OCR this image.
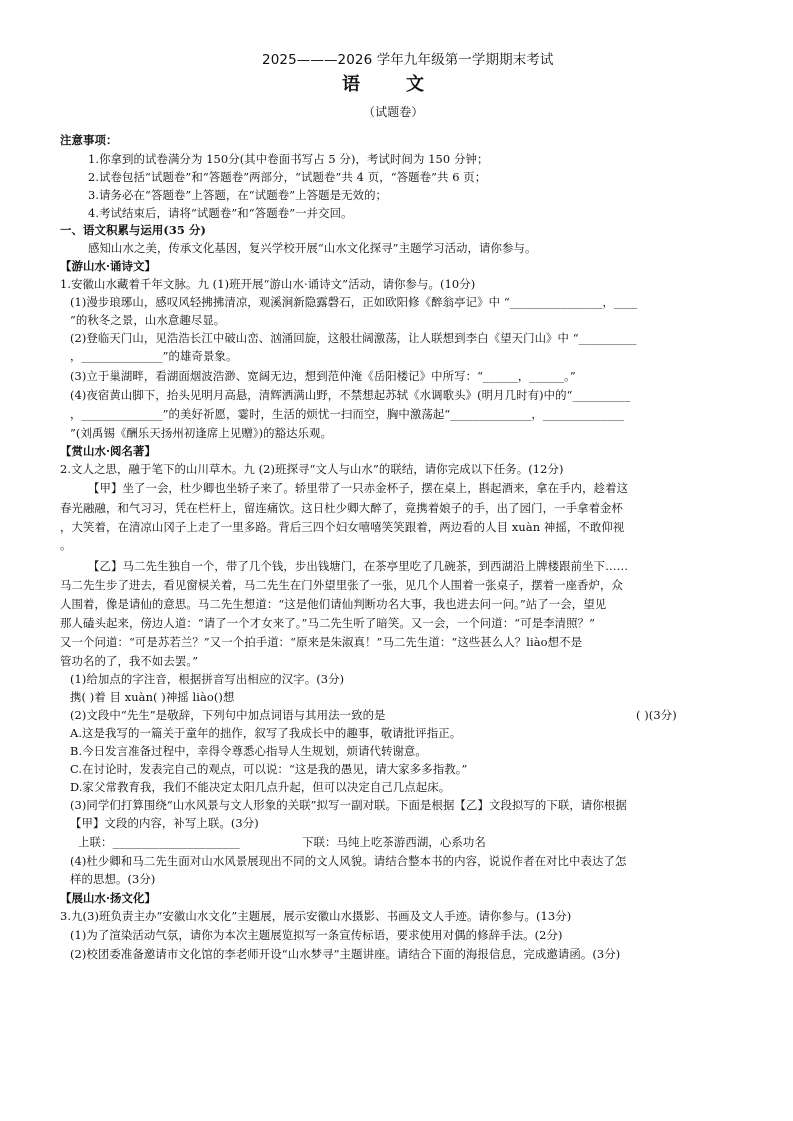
2025———2026 学年九年级第一学期期末考试
语	文
（试题卷）
注意事项：
1.你拿到的试卷满分为 150分(其中卷面书写占 5 分)，考试时间为 150 分钟；
2.试卷包括“试题卷”和“答题卷”两部分，“试题卷”共 4 页，“答题卷”共 6 页；
3.请务必在“答题卷”上答题，在“试题卷”上答题是无效的；
4.考试结束后，请将“试题卷”和“答题卷”一并交回。
一、语文积累与运用(35 分)
感知山水之美，传承文化基因，复兴学校开展“山水文化探寻”主题学习活动，请你参与。
【游山水·诵诗文】
1.安徽山水藏着千年文脉。九 (1)班开展“游山水·诵诗文”活动，请你参与。(10分)
(1)漫步琅琊山，感叹风轻拂拂清凉，观溪涧新隐露磬石，正如欧阳修《醉翁亭记》中 “________________，____
”的秋冬之景，山水意趣尽显。
(2)登临天门山，见浩浩长江中破山峦、汹涌回旋，这般壮阔激荡，让人联想到李白《望天门山》中 “__________
，______________”的雄奇景象。
(3)立于巢湖畔，看湖面烟波浩渺、宽阔无边，想到范仲淹《岳阳楼记》中所写：“______，______。”
(4)夜宿黄山脚下，抬头见明月高悬，清辉洒满山野，不禁想起苏轼《水调歌头》(明月几时有)中的“__________
，______________”的美好祈愿，霎时，生活的烦忧一扫而空，胸中激荡起“______________，______________
”(刘禹锡《酬乐天扬州初逢席上见赠》)的豁达乐观。
【赏山水·阅名著】
2.文人之思，融于笔下的山川草木。九 (2)班探寻“文人与山水”的联结，请你完成以下任务。(12分)
【甲】坐了一会，杜少卿也坐轿子来了。轿里带了一只赤金杯子，摆在桌上，斟起酒来，拿在手内，趁着这
春光融融，和气习习，凭在栏杆上，留连痛饮。这日杜少卿大醉了，竟携着娘子的手，出了园门，一手拿着金杯
，大笑着，在清凉山冈子上走了一里多路。背后三四个妇女嘻嘻笑笑跟着，两边看的人目 xuàn 神摇，不敢仰视
。
【乙】马二先生独自一个，带了几个钱，步出钱塘门，在茶亭里吃了几碗茶，到西湖沿上牌楼跟前坐下……
马二先生步了进去，看见窗棂关着，马二先生在门外望里张了一张，见几个人围着一张桌子，摆着一座香炉，众
人围着，像是请仙的意思。马二先生想道：“这是他们请仙判断功名大事，我也进去问一问。”站了一会，望见
那人磕头起来，傍边人道：“请了一个才女来了。”马二先生听了暗笑。又一会，一个问道：“可是李清照？”
又一个问道：“可是苏若兰？”又一个拍手道：“原来是朱淑真！”马二先生道：“这些甚么人？liào想不是
管功名的了，我不如去罢。”
(1)给加点的字注音，根据拼音写出相应的汉字。(3分)
携( )着 目 xuàn( )神摇 liào()想
(2)文段中“先生”是敬辞，下列句中加点词语与其用法一致的是	( )(3分)
A.这是我写的一篇关于童年的拙作，叙写了我成长中的趣事，敬请批评指正。
B.今日发言准备过程中，幸得令尊悉心指导人生规划，烦请代转谢意。
C.在讨论时，发表完自己的观点，可以说：“这是我的愚见，请大家多多指教。”
D.家父常教育我，我们不能决定太阳几点升起，但可以决定自己几点起床。
(3)同学们打算围绕“山水风景与文人形象的关联”拟写一副对联。下面是根据【乙】文段拟写的下联，请你根据
【甲】文段的内容，补写上联。(3分)
上联：______________________	下联：马纯上吃茶游西湖，心系功名
(4)杜少卿和马二先生面对山水风景展现出不同的文人风貌。请结合整本书的内容，说说作者在对比中表达了怎
样的思想。(3分)
【展山水·扬文化】
3.九(3)班负责主办“安徽山水文化”主题展，展示安徽山水摄影、书画及文人手迹。请你参与。(13分)
(1)为了渲染活动气氛，请你为本次主题展览拟写一条宣传标语，要求使用对偶的修辞手法。(2分)
(2)校团委准备邀请市文化馆的李老师开设“山水梦寻”主题讲座。请结合下面的海报信息，完成邀请函。(3分)
